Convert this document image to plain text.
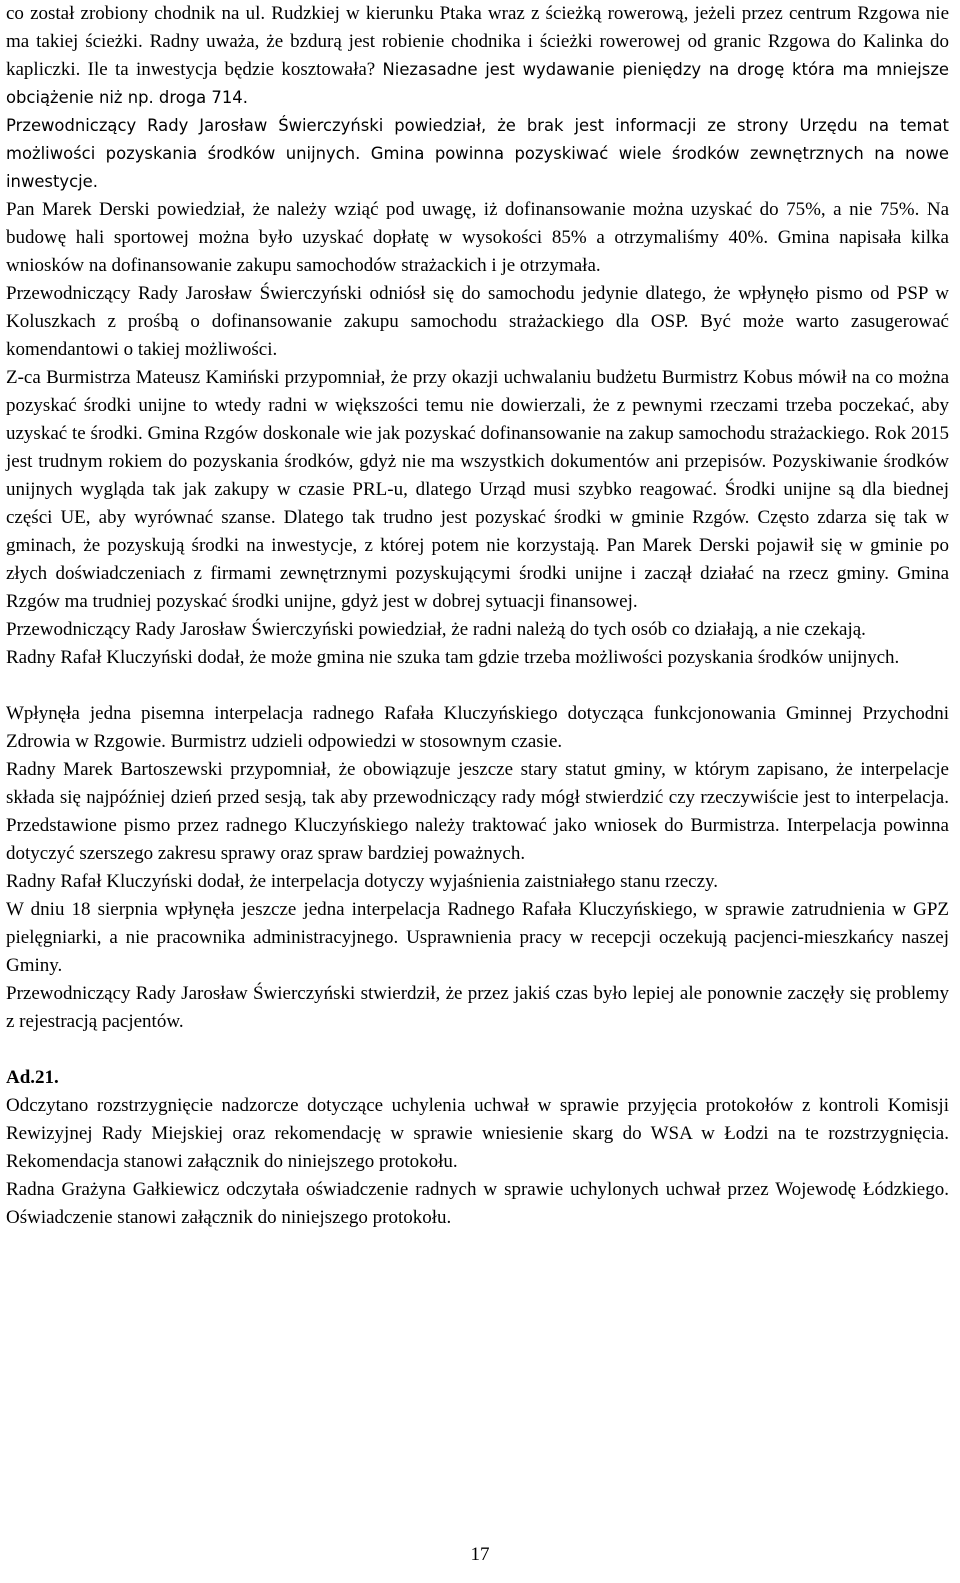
co został zrobiony chodnik na ul. Rudzkiej w kierunku Ptaka wraz z ścieżką rowerową, jeżeli przez centrum Rzgowa nie ma takiej ścieżki. Radny uważa, że bzdurą jest robienie chodnika i ścieżki rowerowej od granic Rzgowa do Kalinka do kapliczki. Ile ta inwestycja będzie kosztowała? Niezasadne jest wydawanie pieniędzy na drogę która ma mniejsze obciążenie niż np. droga 714.

Przewodniczący Rady Jarosław Świerczyński powiedział, że brak jest informacji ze strony Urzędu na temat możliwości pozyskania środków unijnych. Gmina powinna pozyskiwać wiele środków zewnętrznych na nowe inwestycje.

Pan Marek Derski powiedział, że należy wziąć pod uwagę, iż dofinansowanie można uzyskać do 75%, a nie 75%. Na budowę hali sportowej można było uzyskać dopłatę w wysokości 85% a otrzymaliśmy 40%. Gmina napisała kilka wniosków na dofinansowanie zakupu samochodów strażackich i je otrzymała.

Przewodniczący Rady Jarosław Świerczyński odniósł się do samochodu jedynie dlatego, że wpłynęło pismo od PSP w Koluszkach z prośbą o dofinansowanie zakupu samochodu strażackiego dla OSP. Być może warto zasugerować komendantowi o takiej możliwości.

Z-ca Burmistrza Mateusz Kamiński przypomniał, że przy okazji uchwalaniu budżetu Burmistrz Kobus mówił na co można pozyskać środki unijne to wtedy radni w większości temu nie dowierzali, że z pewnymi rzeczami trzeba poczekać, aby uzyskać te środki. Gmina Rzgów doskonale wie jak pozyskać dofinansowanie na zakup samochodu strażackiego. Rok 2015 jest trudnym rokiem do pozyskania środków, gdyż nie ma wszystkich dokumentów ani przepisów. Pozyskiwanie środków unijnych wygląda tak jak zakupy w czasie PRL-u, dlatego Urząd musi szybko reagować. Środki unijne są dla biednej części UE, aby wyrównać szanse. Dlatego tak trudno jest pozyskać środki w gminie Rzgów. Często zdarza się tak w gminach, że pozyskują środki na inwestycje, z której potem nie korzystają. Pan Marek Derski pojawił się w gminie po złych doświadczeniach z firmami zewnętrznymi pozyskującymi środki unijne i zaczął działać na rzecz gminy. Gmina Rzgów ma trudniej pozyskać środki unijne, gdyż jest w dobrej sytuacji finansowej.

Przewodniczący Rady Jarosław Świerczyński powiedział, że radni należą do tych osób co działają, a nie czekają.

Radny Rafał Kluczyński dodał, że może gmina nie szuka tam gdzie trzeba możliwości pozyskania środków unijnych.

Wpłynęła jedna pisemna interpelacja radnego Rafała Kluczyńskiego dotycząca funkcjonowania Gminnej Przychodni Zdrowia w Rzgowie. Burmistrz udzieli odpowiedzi w stosownym czasie.

Radny Marek Bartoszewski przypomniał, że obowiązuje jeszcze stary statut gminy, w którym zapisano, że interpelacje składa się najpóźniej dzień przed sesją, tak aby przewodniczący rady mógł stwierdzić czy rzeczywiście jest to interpelacja. Przedstawione pismo przez radnego Kluczyńskiego należy traktować jako wniosek do Burmistrza. Interpelacja powinna dotyczyć szerszego zakresu sprawy oraz spraw bardziej poważnych.

Radny Rafał Kluczyński dodał, że interpelacja dotyczy wyjaśnienia zaistniałego stanu rzeczy.

W dniu 18 sierpnia wpłynęła jeszcze jedna interpelacja Radnego Rafała Kluczyńskiego, w sprawie zatrudnienia w GPZ pielęgniarki, a nie pracownika administracyjnego. Usprawnienia pracy w recepcji oczekują pacjenci-mieszkańcy naszej Gminy.

Przewodniczący Rady Jarosław Świerczyński stwierdził, że przez jakiś czas było lepiej ale ponownie zaczęły się problemy z rejestracją pacjentów.

Ad.21.

Odczytano rozstrzygnięcie nadzorcze dotyczące uchylenia uchwał w sprawie przyjęcia protokołów z kontroli Komisji Rewizyjnej Rady Miejskiej oraz rekomendację w sprawie wniesienie skarg do WSA w Łodzi na te rozstrzygnięcia. Rekomendacja stanowi załącznik do niniejszego protokołu.

Radna Grażyna Gałkiewicz odczytała oświadczenie radnych w sprawie uchylonych uchwał przez Wojewodę Łódzkiego. Oświadczenie stanowi załącznik do niniejszego protokołu.

17
